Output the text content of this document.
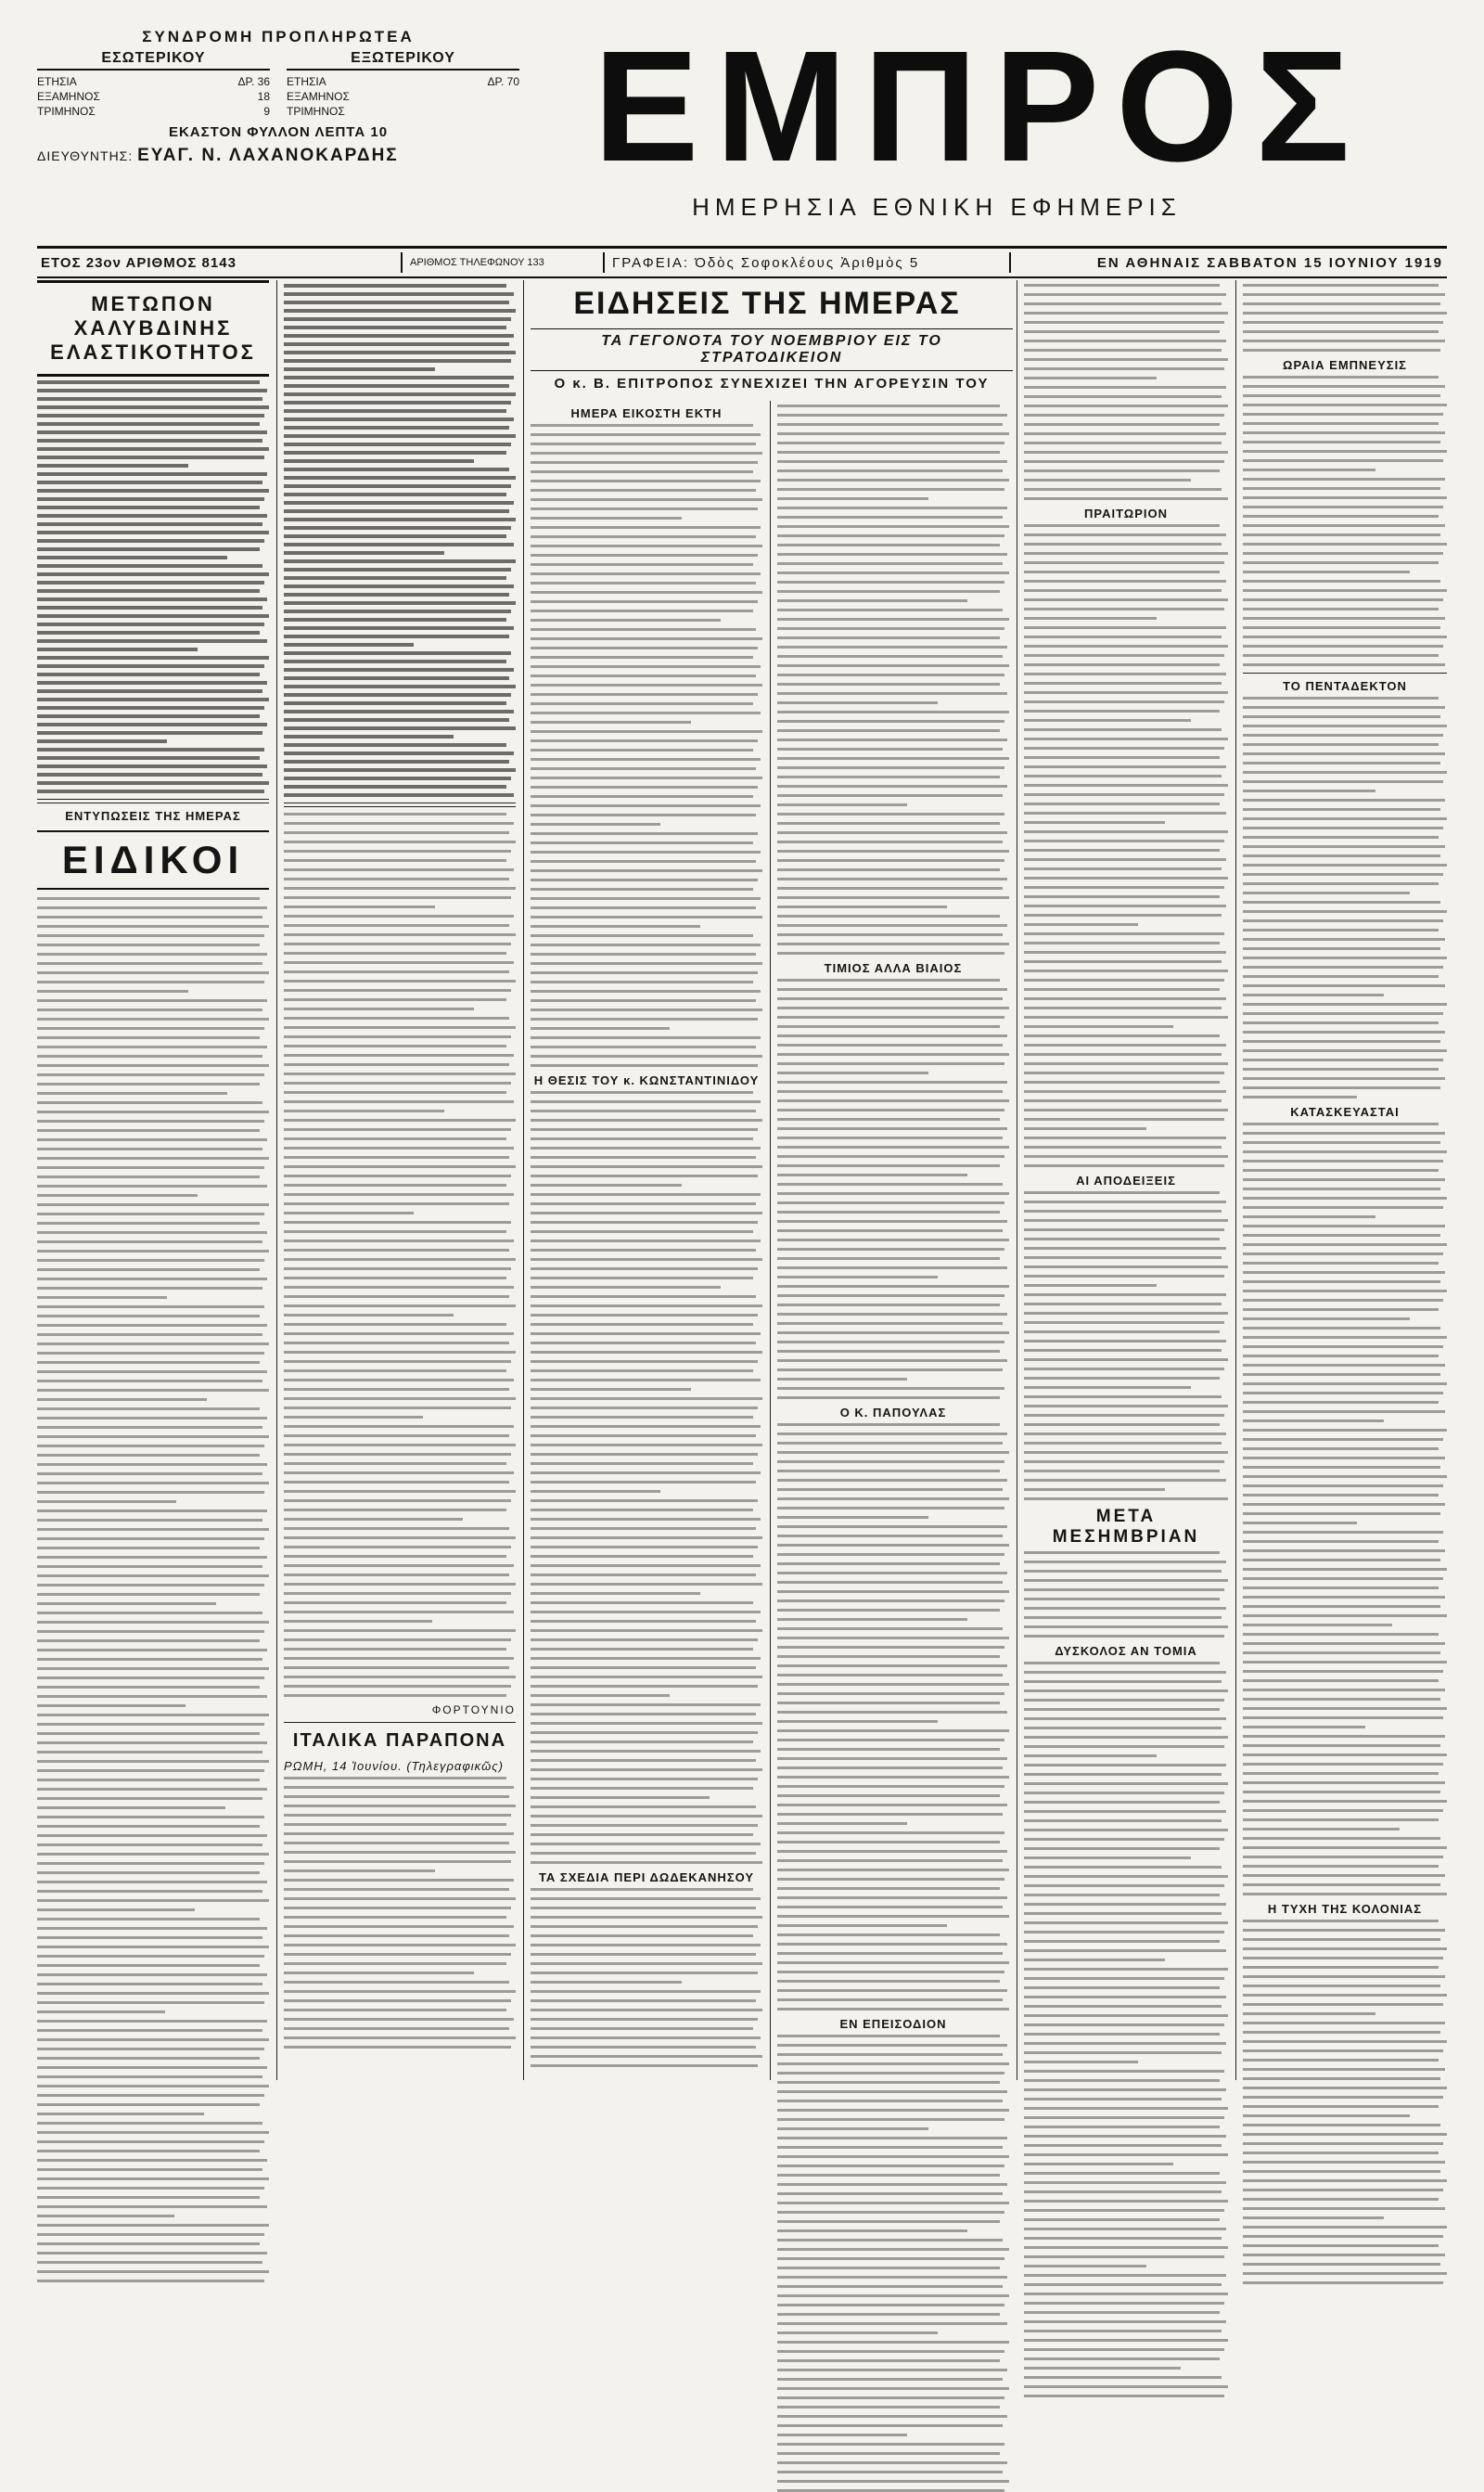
ΣΥΝΔΡΟΜΗ ΠΡΟΠΛΗΡΩΤΕΑ
ΕΣΩΤΕΡΙΚΟΥ
ΕΤΗΣΙΑ	ΔΡ. 36
ΕΞΑΜΗΝΟΣ	18
ΤΡΙΜΗΝΟΣ	9
ΕΞΩΤΕΡΙΚΟΥ
ΕΤΗΣΙΑ	ΔΡ. 70
ΕΞΑΜΗΝΟΣ
ΤΡΙΜΗΝΟΣ
ΕΚΑΣΤΟΝ ΦΥΛΛΟΝ ΛΕΠΤΑ 10
ΔΙΕΥΘΥΝΤΗΣ: ΕΥΑΓ. Ν. ΛΑΧΑΝΟΚΑΡΔΗΣ	ΕΜΠΡΟΣ
ΗΜΕΡΗΣΙΑ ΕΘΝΙΚΗ ΕΦΗΜΕΡΙΣ
ΕΤΟΣ 23ον ΑΡΙΘΜΟΣ 8143	ΑΡΙΘΜΟΣ ΤΗΛΕΦΩΝΟΥ 133	ΓΡΑΦΕΙΑ: Όδὸς Σοφοκλέους Ἀριθμὸς 5	ΕΝ ΑΘΗΝΑΙΣ ΣΑΒΒΑΤΟΝ 15 ΙΟΥΝΙΟΥ 1919
ΜΕΤΩΠΟΝ ΧΑΛΥΒΔΙΝΗΣ ΕΛΑΣΤΙΚΟΤΗΤΟΣ
ΕΝΤΥΠΩΣΕΙΣ ΤΗΣ ΗΜΕΡΑΣ
ΕΙΔΙΚΟΙ
ΦΟΡΤΟΥΝΙΟ
ΙΤΑΛΙΚΑ ΠΑΡΑΠΟΝΑ
ΡΩΜΗ, 14 Ἰουνίου. (Τηλεγραφικῶς)
ΕΙΔΗΣΕΙΣ ΤΗΣ ΗΜΕΡΑΣ
ΤΑ ΓΕΓΟΝΟΤΑ ΤΟΥ ΝΟΕΜΒΡΙΟΥ ΕΙΣ ΤΟ ΣΤΡΑΤΟΔΙΚΕΙΟΝ
Ο κ. Β. ΕΠΙΤΡΟΠΟΣ ΣΥΝΕΧΙΖΕΙ ΤΗΝ ΑΓΟΡΕΥΣΙΝ ΤΟΥ
ΗΜΕΡΑ ΕΙΚΟΣΤΗ ΕΚΤΗ
Η ΘΕΣΙΣ ΤΟΥ κ. ΚΩΝΣΤΑΝΤΙΝΙΔΟΥ
ΤΑ ΣΧΕΔΙΑ ΠΕΡΙ ΔΩΔΕΚΑΝΗΣΟΥ
ΤΙΜΙΟΣ ΑΛΛΑ ΒΙΑΙΟΣ
Ο Κ. ΠΑΠΟΥΛΑΣ
ΕΝ ΕΠΕΙΣΟΔΙΟΝ
ΠΡΑΙΤΩΡΙΟΝ
ΑΙ ΑΠΟΔΕΙΞΕΙΣ
ΜΕΤΑ ΜΕΣΗΜΒΡΙΑΝ
ΔΥΣΚΟΛΟΣ ΑΝ ΤΟΜΙΑ
ΩΡΑΙΑ ΕΜΠΝΕΥΣΙΣ
ΤΟ ΠΕΝΤΑΔΕΚΤΟΝ
ΚΑΤΑΣΚΕΥΑΣΤΑΙ
Η ΤΥΧΗ ΤΗΣ ΚΟΛΟΝΙΑΣ
